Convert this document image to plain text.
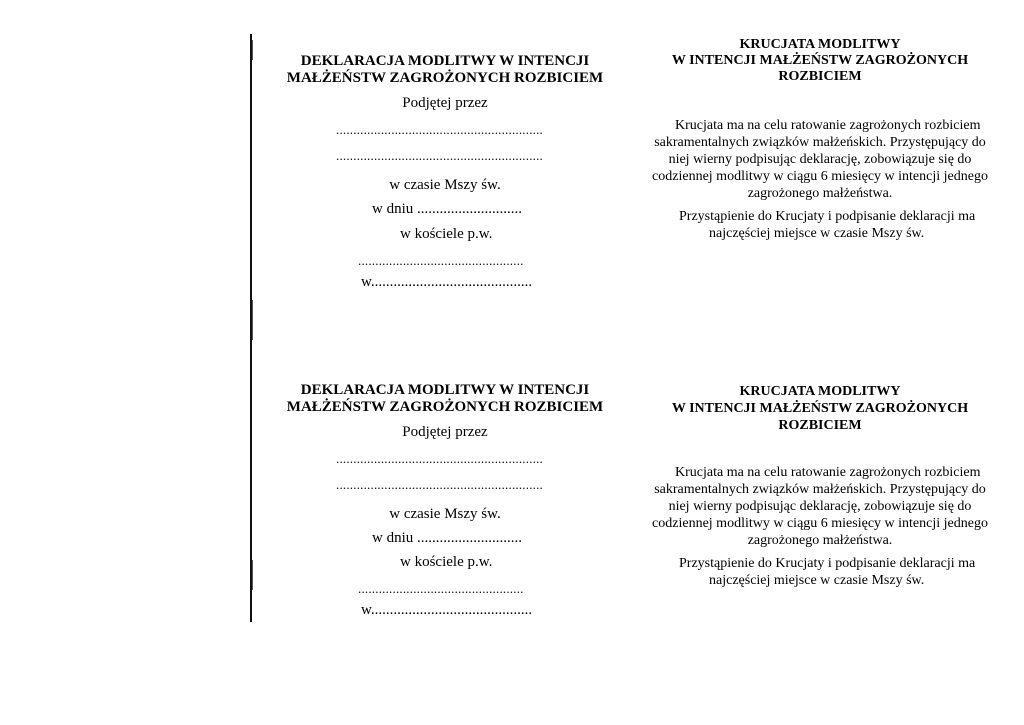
DEKLARACJA MODLITWY W INTENCJI
MAŁŻEŃSTW ZAGROŻONYCH ROZBICIEM
Podjętej przez
............................................................
............................................................
w czasie Mszy św.
w dniu ............................
w kościele p.w.
................................................
w...........................................
KRUCJATA MODLITWY
W INTENCJI MAŁŻEŃSTW ZAGROŻONYCH
ROZBICIEM
Krucjata ma na celu ratowanie zagrożonych rozbiciem
sakramentalnych związków małżeńskich. Przystępujący do
niej wierny podpisując deklarację, zobowiązuje się do
codziennej modlitwy w ciągu 6 miesięcy w intencji jednego
zagrożonego małżeństwa.
Przystąpienie do Krucjaty i podpisanie deklaracji ma
najczęściej miejsce w czasie Mszy św.
DEKLARACJA MODLITWY W INTENCJI
MAŁŻEŃSTW ZAGROŻONYCH ROZBICIEM
Podjętej przez
............................................................
............................................................
w czasie Mszy św.
w dniu ............................
w kościele p.w.
................................................
w...........................................
KRUCJATA MODLITWY
W INTENCJI MAŁŻEŃSTW ZAGROŻONYCH
ROZBICIEM
Krucjata ma na celu ratowanie zagrożonych rozbiciem
sakramentalnych związków małżeńskich. Przystępujący do
niej wierny podpisując deklarację, zobowiązuje się do
codziennej modlitwy w ciągu 6 miesięcy w intencji jednego
zagrożonego małżeństwa.
Przystąpienie do Krucjaty i podpisanie deklaracji ma
najczęściej miejsce w czasie Mszy św.
